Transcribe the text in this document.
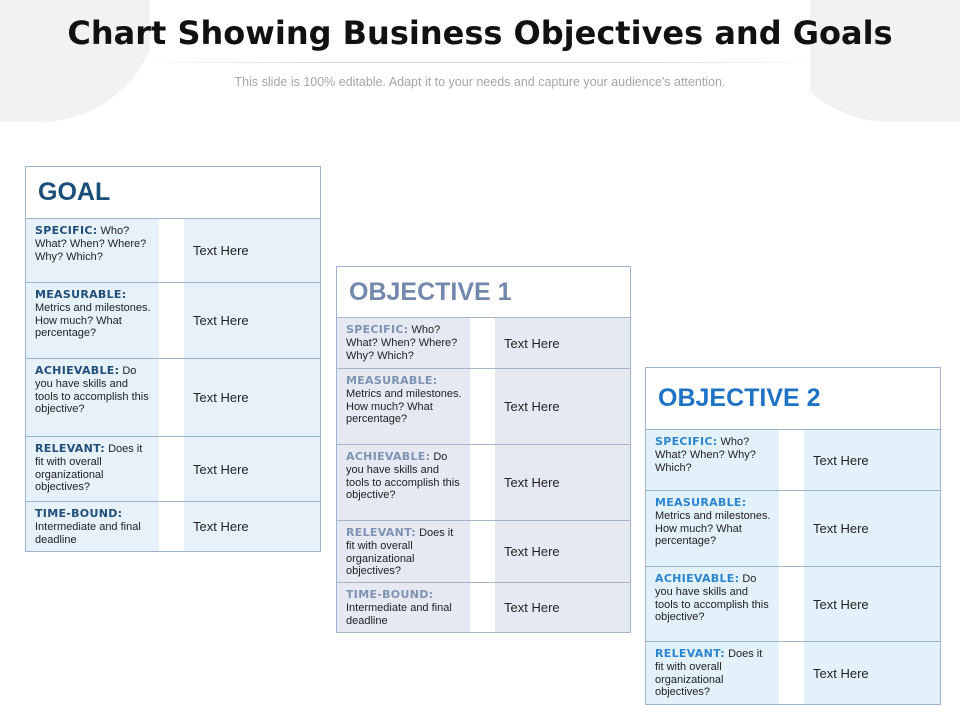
Chart Showing Business Objectives and Goals

This slide is 100% editable. Adapt it to your needs and capture your audience's attention.

GOAL
SPECIFIC: Who? What? When? Where? Why? Which?	Text Here
MEASURABLE: Metrics and milestones. How much? What percentage?
Text Here
ACHIEVABLE: Do you have skills and tools to accomplish this objective?
Text Here
RELEVANT: Does it fit with overall organizational objectives?
Text Here
TIME-BOUND: Intermediate and final deadline
Text Here
OBJECTIVE 1
SPECIFIC: Who? What? When? Where? Why? Which?
Text Here
MEASURABLE: Metrics and milestones. How much? What percentage?
Text Here
ACHIEVABLE: Do you have skills and tools to accomplish this objective?
Text Here
RELEVANT: Does it fit with overall organizational objectives?
Text Here
TIME-BOUND: Intermediate and final deadline
Text Here
OBJECTIVE 2
SPECIFIC: Who? What? When? Why? Which?
Text Here
MEASURABLE: Metrics and milestones. How much? What percentage?
Text Here
ACHIEVABLE: Do you have skills and tools to accomplish this objective?
Text Here
RELEVANT: Does it fit with overall organizational objectives?
Text Here
